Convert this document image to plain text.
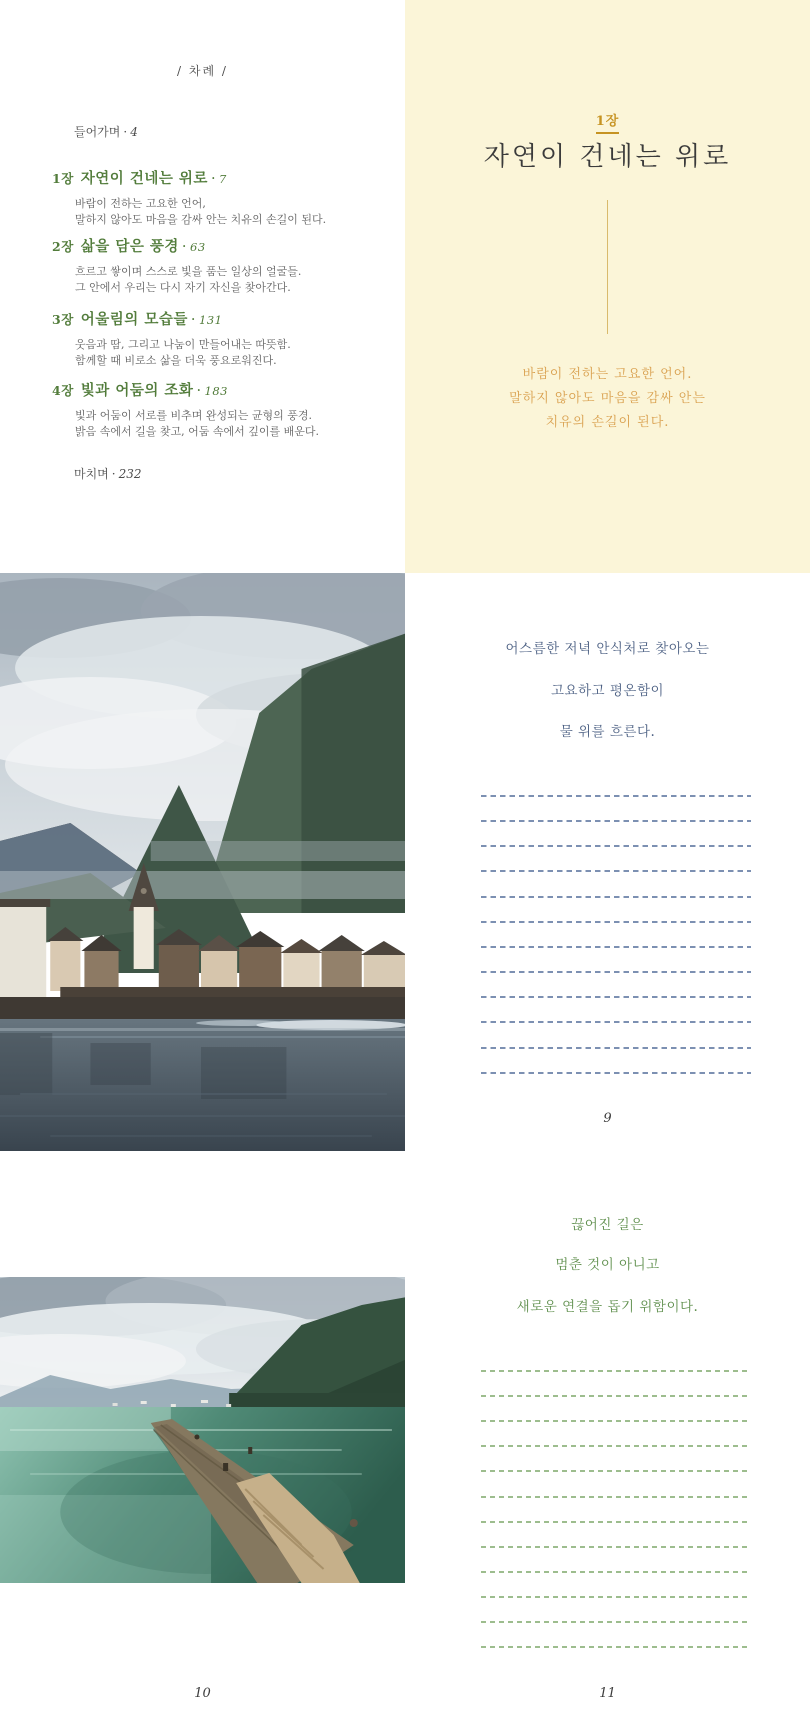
/ 차례 /
들어가며 · 4
1장 자연이 건네는 위로 · 7
바람이 전하는 고요한 언어,
말하지 않아도 마음을 감싸 안는 치유의 손길이 된다.
2장 삶을 담은 풍경 · 63
흐르고 쌓이며 스스로 빛을 품는 일상의 얼굴들.
그 안에서 우리는 다시 자기 자신을 찾아간다.
3장 어울림의 모습들 · 131
웃음과 땀, 그리고 나눔이 만들어내는 따뜻함.
함께할 때 비로소 삶을 더욱 풍요로워진다.
4장 빛과 어둠의 조화 · 183
빛과 어둠이 서로를 비추며 완성되는 균형의 풍경.
밝음 속에서 길을 찾고, 어둠 속에서 깊이를 배운다.
마치며 · 232
1장
자연이 건네는 위로
바람이 전하는 고요한 언어.
말하지 않아도 마음을 감싸 안는
치유의 손길이 된다.
어스름한 저녁 안식처로 찾아오는
고요하고 평온함이
물 위를 흐른다.
9
10
끊어진 길은
멈춘 것이 아니고
새로운 연결을 돕기 위함이다.
11
